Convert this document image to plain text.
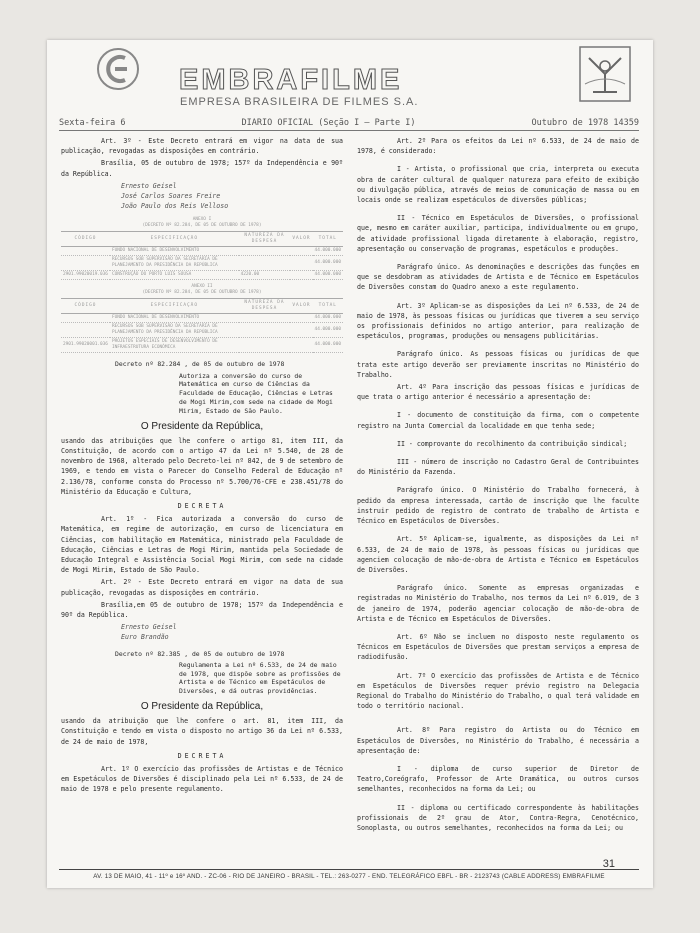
EMBRAFILME
EMPRESA BRASILEIRA DE FILMES S.A.
Sexta-feira 6	DIARIO OFICIAL (Seção I — Parte I)	Outubro de 1978 14359
Art. 3º - Este Decreto entrará em vigor na data de sua publicação, revogadas as disposições em contrário.
Brasília, 05 de outubro de 1978; 157º da Independência e 90º da República.
Ernesto Geisel
José Carlos Soares Freire
João Paulo dos Reis Velloso
ANEXO I
(DECRETO Nº 82.284, DE 05 DE OUTUBRO DE 1978)
CÓDIGO	ESPECIFICAÇÃO	NATUREZA DA DESPESA	VALOR	TOTAL
	FUNDO NACIONAL DE DESENVOLVIMENTO			44.000.000
	RECURSOS SOB SUPERVISÃO DA SECRETARIA DE PLANEJAMENTO DA PRESIDÊNCIA DA REPÚBLICA			44.000.000
2901.99020019.036	CONSTRUÇÃO DO PORTO LUIS SOUSA	4220.00		44.000.000
ANEXO II
(DECRETO Nº 82.284, DE 05 DE OUTUBRO DE 1978)
CÓDIGO	ESPECIFICAÇÃO	NATUREZA DA DESPESA	VALOR	TOTAL
	FUNDO NACIONAL DE DESENVOLVIMENTO			44.000.000
	RECURSOS SOB SUPERVISÃO DA SECRETARIA DE PLANEJAMENTO DA PRESIDÊNCIA DA REPÚBLICA			44.000.000
2901.99020001.036	PROJETOS ESPECIAIS DE DESENVOLVIMENTO DE INFRAESTRUTURA ECONÔMICA			44.000.000
Decreto nº 82.284 , de 05 de outubro de 1978
Autoriza a conversão do curso de Matemática em curso de Ciências da Faculdade de Educação, Ciências e Letras de Mogi Mirim,com sede na cidade de Mogi Mirim, Estado de São Paulo.
O Presidente da República,
usando das atribuições que lhe confere o artigo 81, item III, da Constituição, de acordo com o artigo 47 da Lei nº 5.540, de 28 de novembro de 1968, alterado pelo Decreto-lei nº 842, de 9 de setembro de 1969, e tendo em vista o Parecer do Conselho Federal de Educação nº 2.136/78, conforme consta do Processo nº 5.700/76-CFE e 238.451/78 do Ministério da Educação e Cultura,
DECRETA
Art. 1º - Fica autorizada a conversão do curso de Matemática, em regime de autorização, em curso de licenciatura em Ciências, com habilitação em Matemática, ministrado pela Faculdade de Educação, Ciências e Letras de Mogi Mirim, mantida pela Sociedade de Educação Integral e Assistência Social Mogi Mirim, com sede na cidade de Mogi Mirim, Estado de São Paulo.
Art. 2º - Este Decreto entrará em vigor na data de sua publicação, revogadas as disposições em contrário.
Brasília,em 05 de outubro de 1978; 157º da Independência e 90º da República.
Ernesto Geisel
Euro Brandão
Decreto nº 82.385 , de 05 de outubro de 1978
Regulamenta a Lei nº 6.533, de 24 de maio de 1978, que dispõe sobre as profissões de Artista e de Técnico em Espetáculos de Diversões, e dá outras providências.
O Presidente da República,
usando da atribuição que lhe confere o art. 81, item III, da Constituição e tendo em vista o disposto no artigo 36 da Lei nº 6.533, de 24 de maio de 1978,
DECRETA
Art. 1º O exercício das profissões de Artistas e de Técnico em Espetáculos de Diversões é disciplinado pela Lei nº 6.533, de 24 de maio de 1978 e pelo presente regulamento.
Art. 2º Para os efeitos da Lei nº 6.533, de 24 de maio de 1978, é considerado:
I - Artista, o profissional que cria, interpreta ou executa obra de caráter cultural de qualquer natureza para efeito de exibição ou divulgação pública, através de meios de comunicação de massa ou em locais onde se realizam espetáculos de diversões públicas;
II - Técnico em Espetáculos de Diversões, o profissional que, mesmo em caráter auxiliar, participa, individualmente ou em grupo, de atividade profissional ligada diretamente à elaboração, registro, apresentação ou conservação de programas, espetáculos e produções.
Parágrafo único. As denominações e descrições das funções em que se desdobram as atividades de Artista e de Técnico em Espetáculos de Diversões constam do Quadro anexo a este regulamento.
Art. 3º Aplicam-se as disposições da Lei nº 6.533, de 24 de maio de 1978, às pessoas físicas ou jurídicas que tiverem a seu serviço os profissionais definidos no artigo anterior, para realização de espetáculos, programas, produções ou mensagens publicitárias.
Parágrafo único. As pessoas físicas ou jurídicas de que trata este artigo deverão ser previamente inscritas no Ministério do Trabalho.
Art. 4º Para inscrição das pessoas físicas e jurídicas de que trata o artigo anterior é necessário a apresentação de:
I - documento de constituição da firma, com o competente registro na Junta Comercial da localidade em que tenha sede;
II - comprovante do recolhimento da contribuição sindical;
III - número de inscrição no Cadastro Geral de Contribuintes do Ministério da Fazenda.
Parágrafo único. O Ministério do Trabalho fornecerá, à pedido da empresa interessada, cartão de inscrição que lhe faculte instruir pedido de registro de contrato de trabalho de Artista e Técnico em Espetáculos de Diversões.
Art. 5º Aplicam-se, igualmente, as disposições da Lei nº 6.533, de 24 de maio de 1978, às pessoas físicas ou jurídicas que agenciem colocação de mão-de-obra de Artista e Técnico em Espetáculos de Diversões.
Parágrafo único. Somente as empresas organizadas e registradas no Ministério do Trabalho, nos termos da Lei nº 6.019, de 3 de janeiro de 1974, poderão agenciar colocação de mão-de-obra de Artista e de Técnico em Espetáculos de Diversões.
Art. 6º Não se incluem no disposto neste regulamento os Técnicos em Espetáculos de Diversões que prestam serviços a empresa de radiodifusão.
Art. 7º O exercício das profissões de Artista e de Técnico em Espetáculos de Diversões requer prévio registro na Delegacia Regional do Trabalho do Ministério do Trabalho, o qual terá validade em todo o território nacional.
Art. 8º Para registro do Artista ou do Técnico em Espetáculos de Diversões, no Ministério do Trabalho, é necessária a apresentação de:
I - diploma de curso superior de Diretor de Teatro,Coreógrafo, Professor de Arte Dramática, ou outros cursos semelhantes, reconhecidos na forma da Lei; ou
II - diploma ou certificado correspondente às habilitações profissionais de 2º grau de Ator, Contra-Regra, Cenotécnico, Sonoplasta, ou outros semelhantes, reconhecidos na forma da Lei; ou
31
AV. 13 DE MAIO, 41 - 11º e 16º AND. - ZC-06 - RIO DE JANEIRO - BRASIL - TEL.: 263-0277 - END. TELEGRÁFICO EBFL - BR - 2123743 (CABLE ADDRESS) EMBRAFILME
